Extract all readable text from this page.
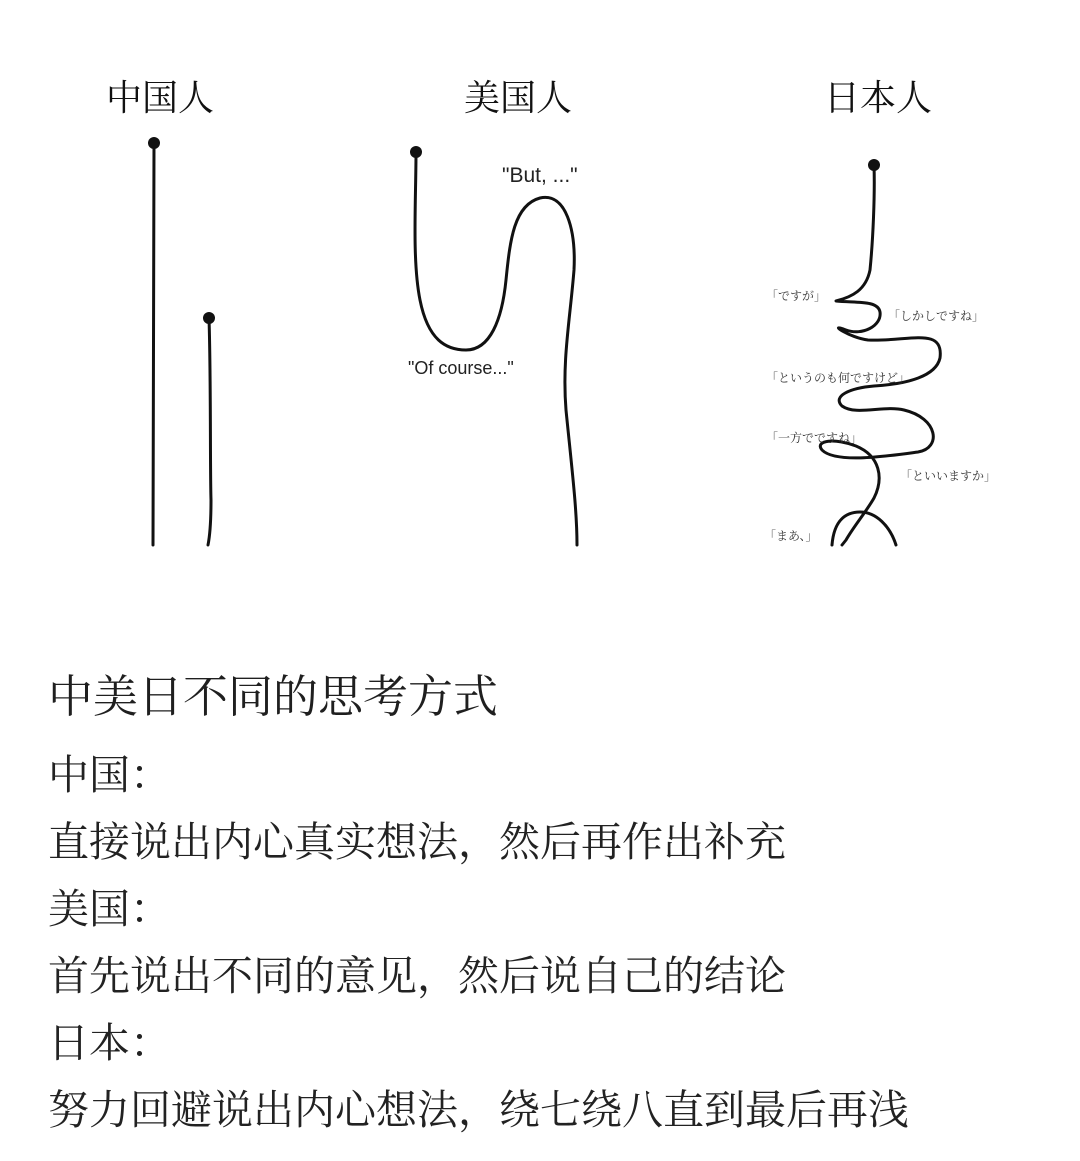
中国人	美国人	日本人
"But, ..."
"Of course..."
「ですが」
「しかしですね」
「というのも何ですけど」
「一方でですね」
「といいますか」
「まあ、」
中美日不同的思考方式
中国：
直接说出内心真实想法，然后再作出补充
美国：
首先说出不同的意见，然后说自己的结论
日本：
努力回避说出内心想法，绕七绕八直到最后再浅
